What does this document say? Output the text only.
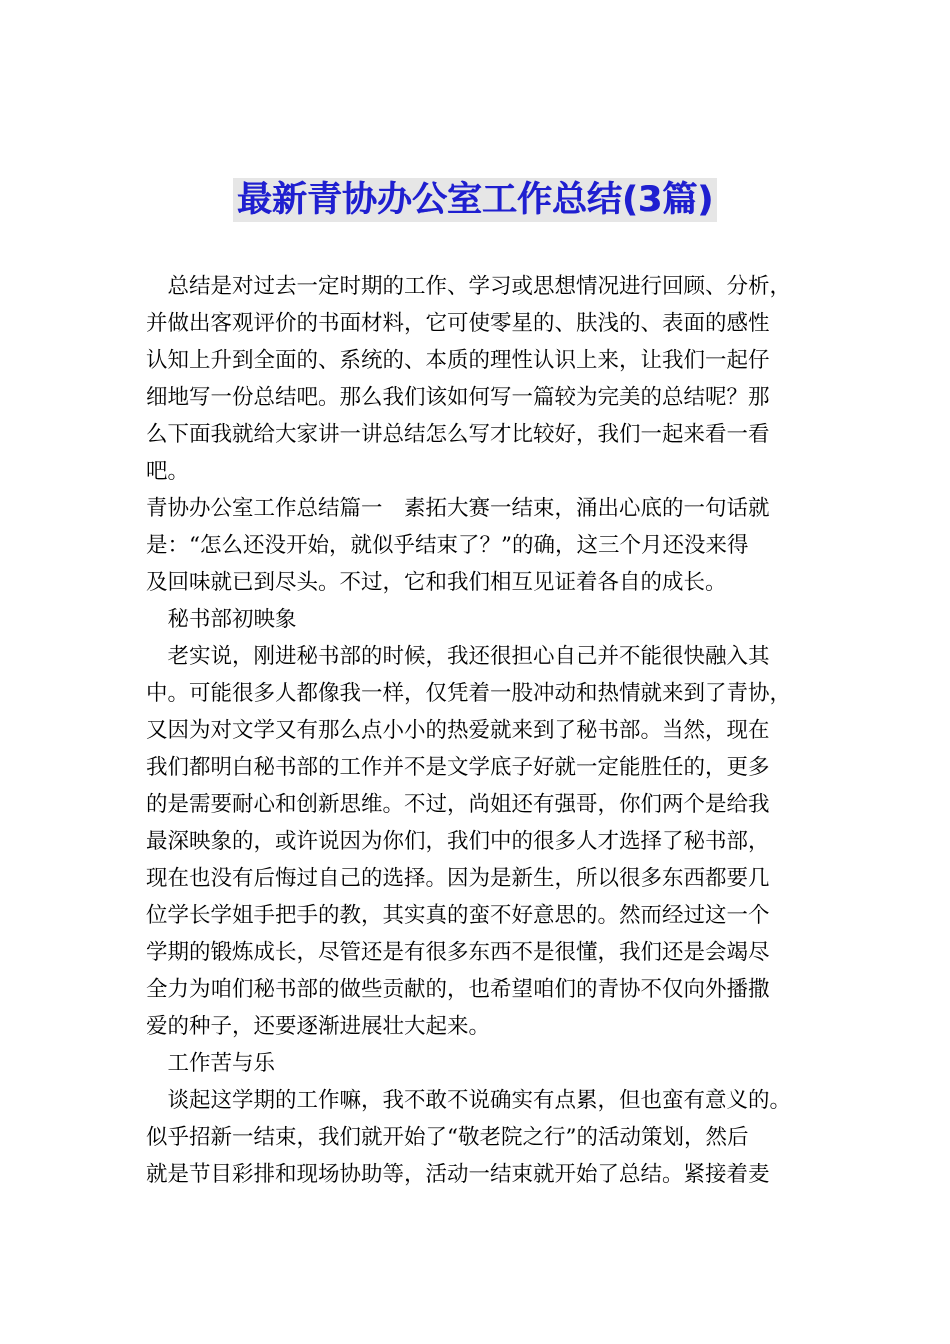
最新青协办公室工作总结(3篇)
　总结是对过去一定时期的工作、学习或思想情况进行回顾、分析，
并做出客观评价的书面材料，它可使零星的、肤浅的、表面的感性
认知上升到全面的、系统的、本质的理性认识上来，让我们一起仔
细地写一份总结吧。那么我们该如何写一篇较为完美的总结呢？那
么下面我就给大家讲一讲总结怎么写才比较好，我们一起来看一看
吧。
青协办公室工作总结篇一　素拓大赛一结束，涌出心底的一句话就
是：“怎么还没开始，就似乎结束了？”的确，这三个月还没来得
及回味就已到尽头。不过，它和我们相互见证着各自的成长。
　秘书部初映象
　老实说，刚进秘书部的时候，我还很担心自己并不能很快融入其
中。可能很多人都像我一样，仅凭着一股冲动和热情就来到了青协，
又因为对文学又有那么点小小的热爱就来到了秘书部。当然，现在
我们都明白秘书部的工作并不是文学底子好就一定能胜任的，更多
的是需要耐心和创新思维。不过，尚姐还有强哥，你们两个是给我
最深映象的，或许说因为你们，我们中的很多人才选择了秘书部，
现在也没有后悔过自己的选择。因为是新生，所以很多东西都要几
位学长学姐手把手的教，其实真的蛮不好意思的。然而经过这一个
学期的锻炼成长，尽管还是有很多东西不是很懂，我们还是会竭尽
全力为咱们秘书部的做些贡献的，也希望咱们的青协不仅向外播撒
爱的种子，还要逐渐进展壮大起来。
　工作苦与乐
　谈起这学期的工作嘛，我不敢不说确实有点累，但也蛮有意义的。
似乎招新一结束，我们就开始了“敬老院之行”的活动策划，然后
就是节目彩排和现场协助等，活动一结束就开始了总结。紧接着麦
